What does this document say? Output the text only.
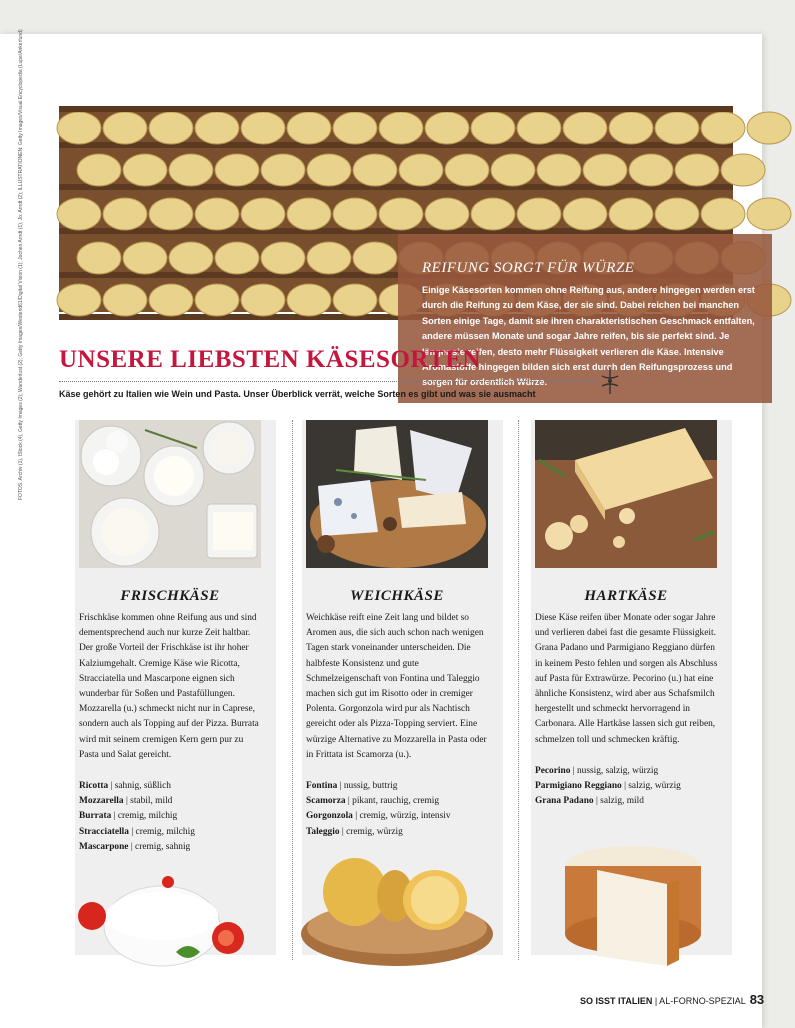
REIFUNG SORGT FÜR WÜRZE

Einige Käsesorten kommen ohne Reifung aus, andere hingegen werden erst durch die Reifung zu dem Käse, der sie sind. Dabei reichen bei manchen Sorten einige Tage, damit sie ihren charakteristischen Geschmack entfalten, andere müssen Monate und sogar Jahre reifen, bis sie perfekt sind. Je länger sie reifen, desto mehr Flüssigkeit verlieren die Käse. Intensive Aromastoffe hingegen bilden sich erst durch den Reifungsprozess und sorgen für ordentlich Würze.

UNSERE LIEBSTEN KÄSESORTEN

Käse gehört zu Italien wie Wein und Pasta. Unser Überblick verrät, welche Sorten es gibt und was sie ausmacht

FRISCHKÄSE

Frischkäse kommen ohne Reifung aus und sind dementsprechend auch nur kurze Zeit haltbar. Der große Vorteil der Frischkäse ist ihr hoher Kalziumgehalt. Cremige Käse wie Ricotta, Stracciatella und Mascarpone eignen sich wunderbar für Soßen und Pastafüllungen. Mozzarella (u.) schmeckt nicht nur in Caprese, sondern auch als Topping auf der Pizza. Burrata wird mit seinem cremigen Kern gern pur zu Pasta und Salat gereicht.

Ricotta | sahnig, süßlich
Mozzarella | stabil, mild
Burrata | cremig, milchig
Stracciatella | cremig, milchig
Mascarpone | cremig, sahnig
WEICHKÄSE

Weichkäse reift eine Zeit lang und bildet so Aromen aus, die sich auch schon nach wenigen Tagen stark voneinander unterscheiden. Die halbfeste Konsistenz und gute Schmelzeigenschaft von Fontina und Taleggio machen sich gut im Risotto oder in cremiger Polenta. Gorgonzola wird pur als Nachtisch gereicht oder als Pizza-Topping serviert. Eine würzige Alternative zu Mozzarella in Pasta oder in Frittata ist Scamorza (u.).

Fontina | nussig, buttrig
Scamorza | pikant, rauchig, cremig
Gorgonzola | cremig, würzig, intensiv
Taleggio | cremig, würzig
HARTKÄSE

Diese Käse reifen über Monate oder sogar Jahre und verlieren dabei fast die gesamte Flüssigkeit. Grana Padano und Parmigiano Reggiano dürfen in keinem Pesto fehlen und sorgen als Abschluss auf Pasta für Extrawürze. Pecorino (u.) hat eine ähnliche Konsistenz, wird aber aus Schafsmilch hergestellt und schmeckt hervorragend in Carbonara. Alle Hartkäse lassen sich gut reiben, schmelzen toll und schmecken kräftig.

Pecorino | nussig, salzig, würzig
Parmigiano Reggiano | salzig, würzig
Grana Padano | salzig, mild
FOTOS: Archiv (1), IStock (4), Getty Images (2); Wanderlust (2); Getty Images/Westend61/Digital Vision (1); Jochen Arndt (1); Jo: Arndt (2); ILLUSTRATIONEN: Getty Images/Visual Encyclopedia (Lupe/Ankerfund)
SO ISST ITALIEN | AL-FORNO-SPEZIAL 83
